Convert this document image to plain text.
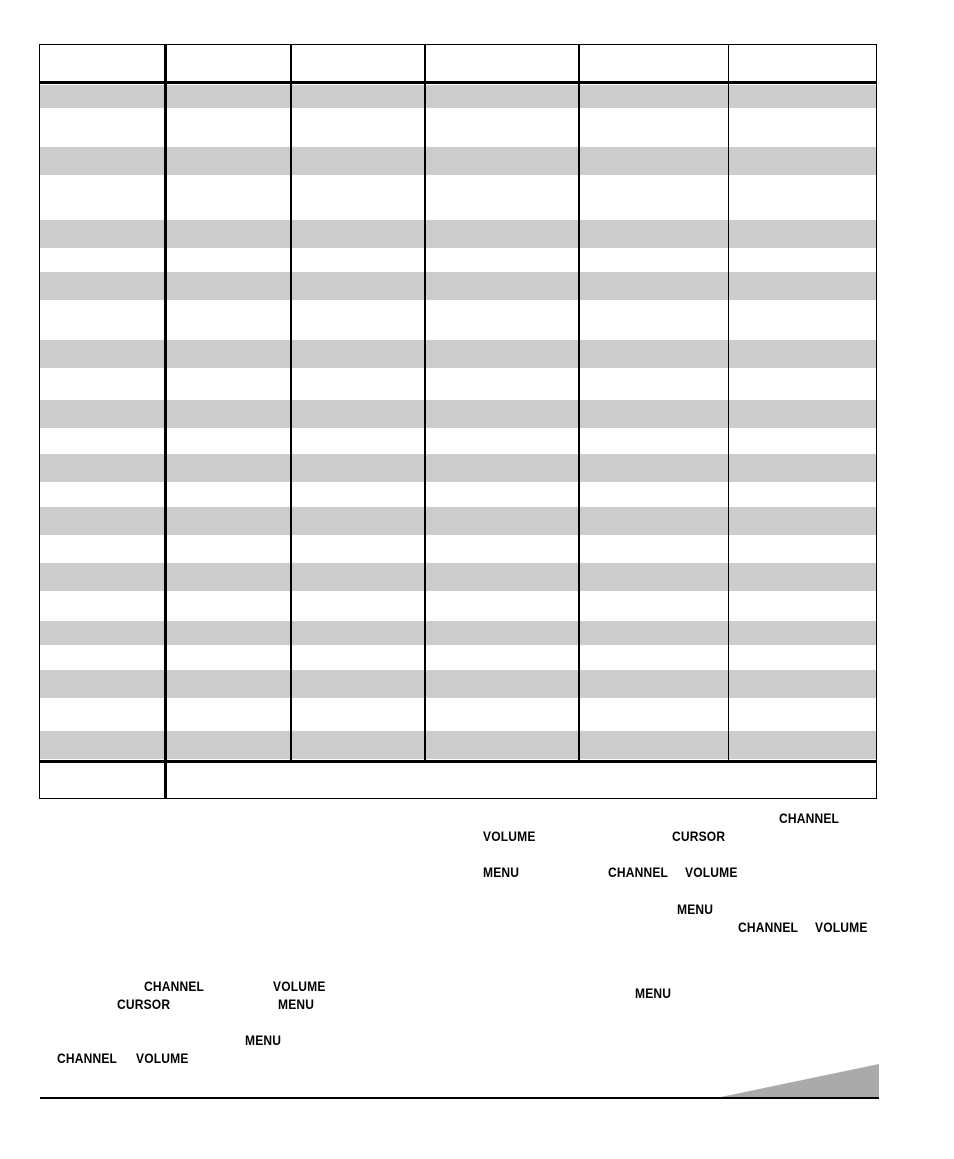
CHANNEL
VOLUME	CURSOR
MENU	CHANNEL VOLUME
MENU
CHANNEL VOLUME
MENU
CHANNEL	VOLUME
CURSOR	MENU
MENU
CHANNEL VOLUME
